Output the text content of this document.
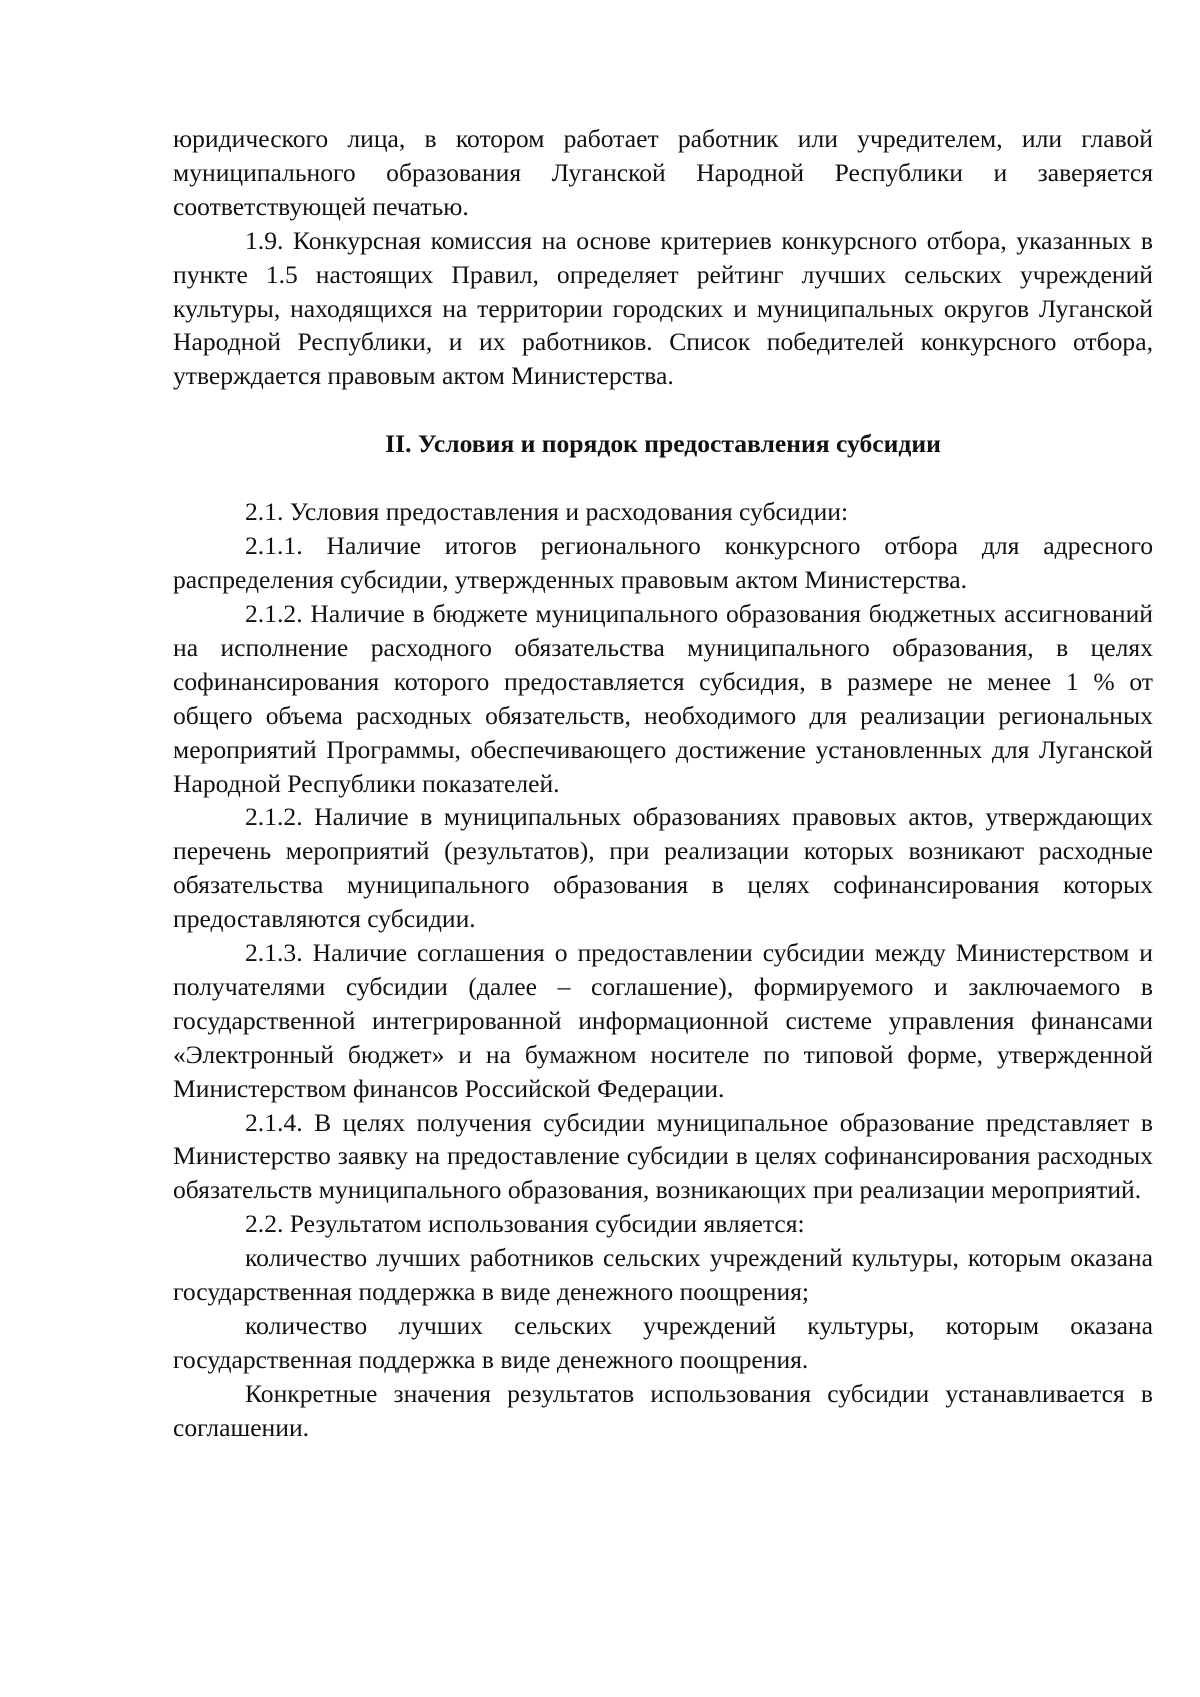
юридического лица, в котором работает работник или учредителем, или главой муниципального образования Луганской Народной Республики и заверяется соответствующей печатью.

1.9. Конкурсная комиссия на основе критериев конкурсного отбора, указанных в пункте 1.5 настоящих Правил, определяет рейтинг лучших сельских учреждений культуры, находящихся на территории городских и муниципальных округов Луганской Народной Республики, и их работников. Список победителей конкурсного отбора, утверждается правовым актом Министерства.

II. Условия и порядок предоставления субсидии

2.1. Условия предоставления и расходования субсидии:

2.1.1. Наличие итогов регионального конкурсного отбора для адресного распределения субсидии, утвержденных правовым актом Министерства.

2.1.2. Наличие в бюджете муниципального образования бюджетных ассигнований на исполнение расходного обязательства муниципального образования, в целях софинансирования которого предоставляется субсидия, в размере не менее 1 % от общего объема расходных обязательств, необходимого для реализации региональных мероприятий Программы, обеспечивающего достижение установленных для Луганской Народной Республики показателей.

2.1.2. Наличие в муниципальных образованиях правовых актов, утверждающих перечень мероприятий (результатов), при реализации которых возникают расходные обязательства муниципального образования в целях софинансирования которых предоставляются субсидии.

2.1.3. Наличие соглашения о предоставлении субсидии между Министерством и получателями субсидии (далее – соглашение), формируемого и заключаемого в государственной интегрированной информационной системе управления финансами «Электронный бюджет» и на бумажном носителе по типовой форме, утвержденной Министерством финансов Российской Федерации.

2.1.4. В целях получения субсидии муниципальное образование представляет в Министерство заявку на предоставление субсидии в целях софинансирования расходных обязательств муниципального образования, возникающих при реализации мероприятий.

2.2. Результатом использования субсидии является:

количество лучших работников сельских учреждений культуры, которым оказана государственная поддержка в виде денежного поощрения;

количество лучших сельских учреждений культуры, которым оказана государственная поддержка в виде денежного поощрения.

Конкретные значения результатов использования субсидии устанавливается в соглашении.
